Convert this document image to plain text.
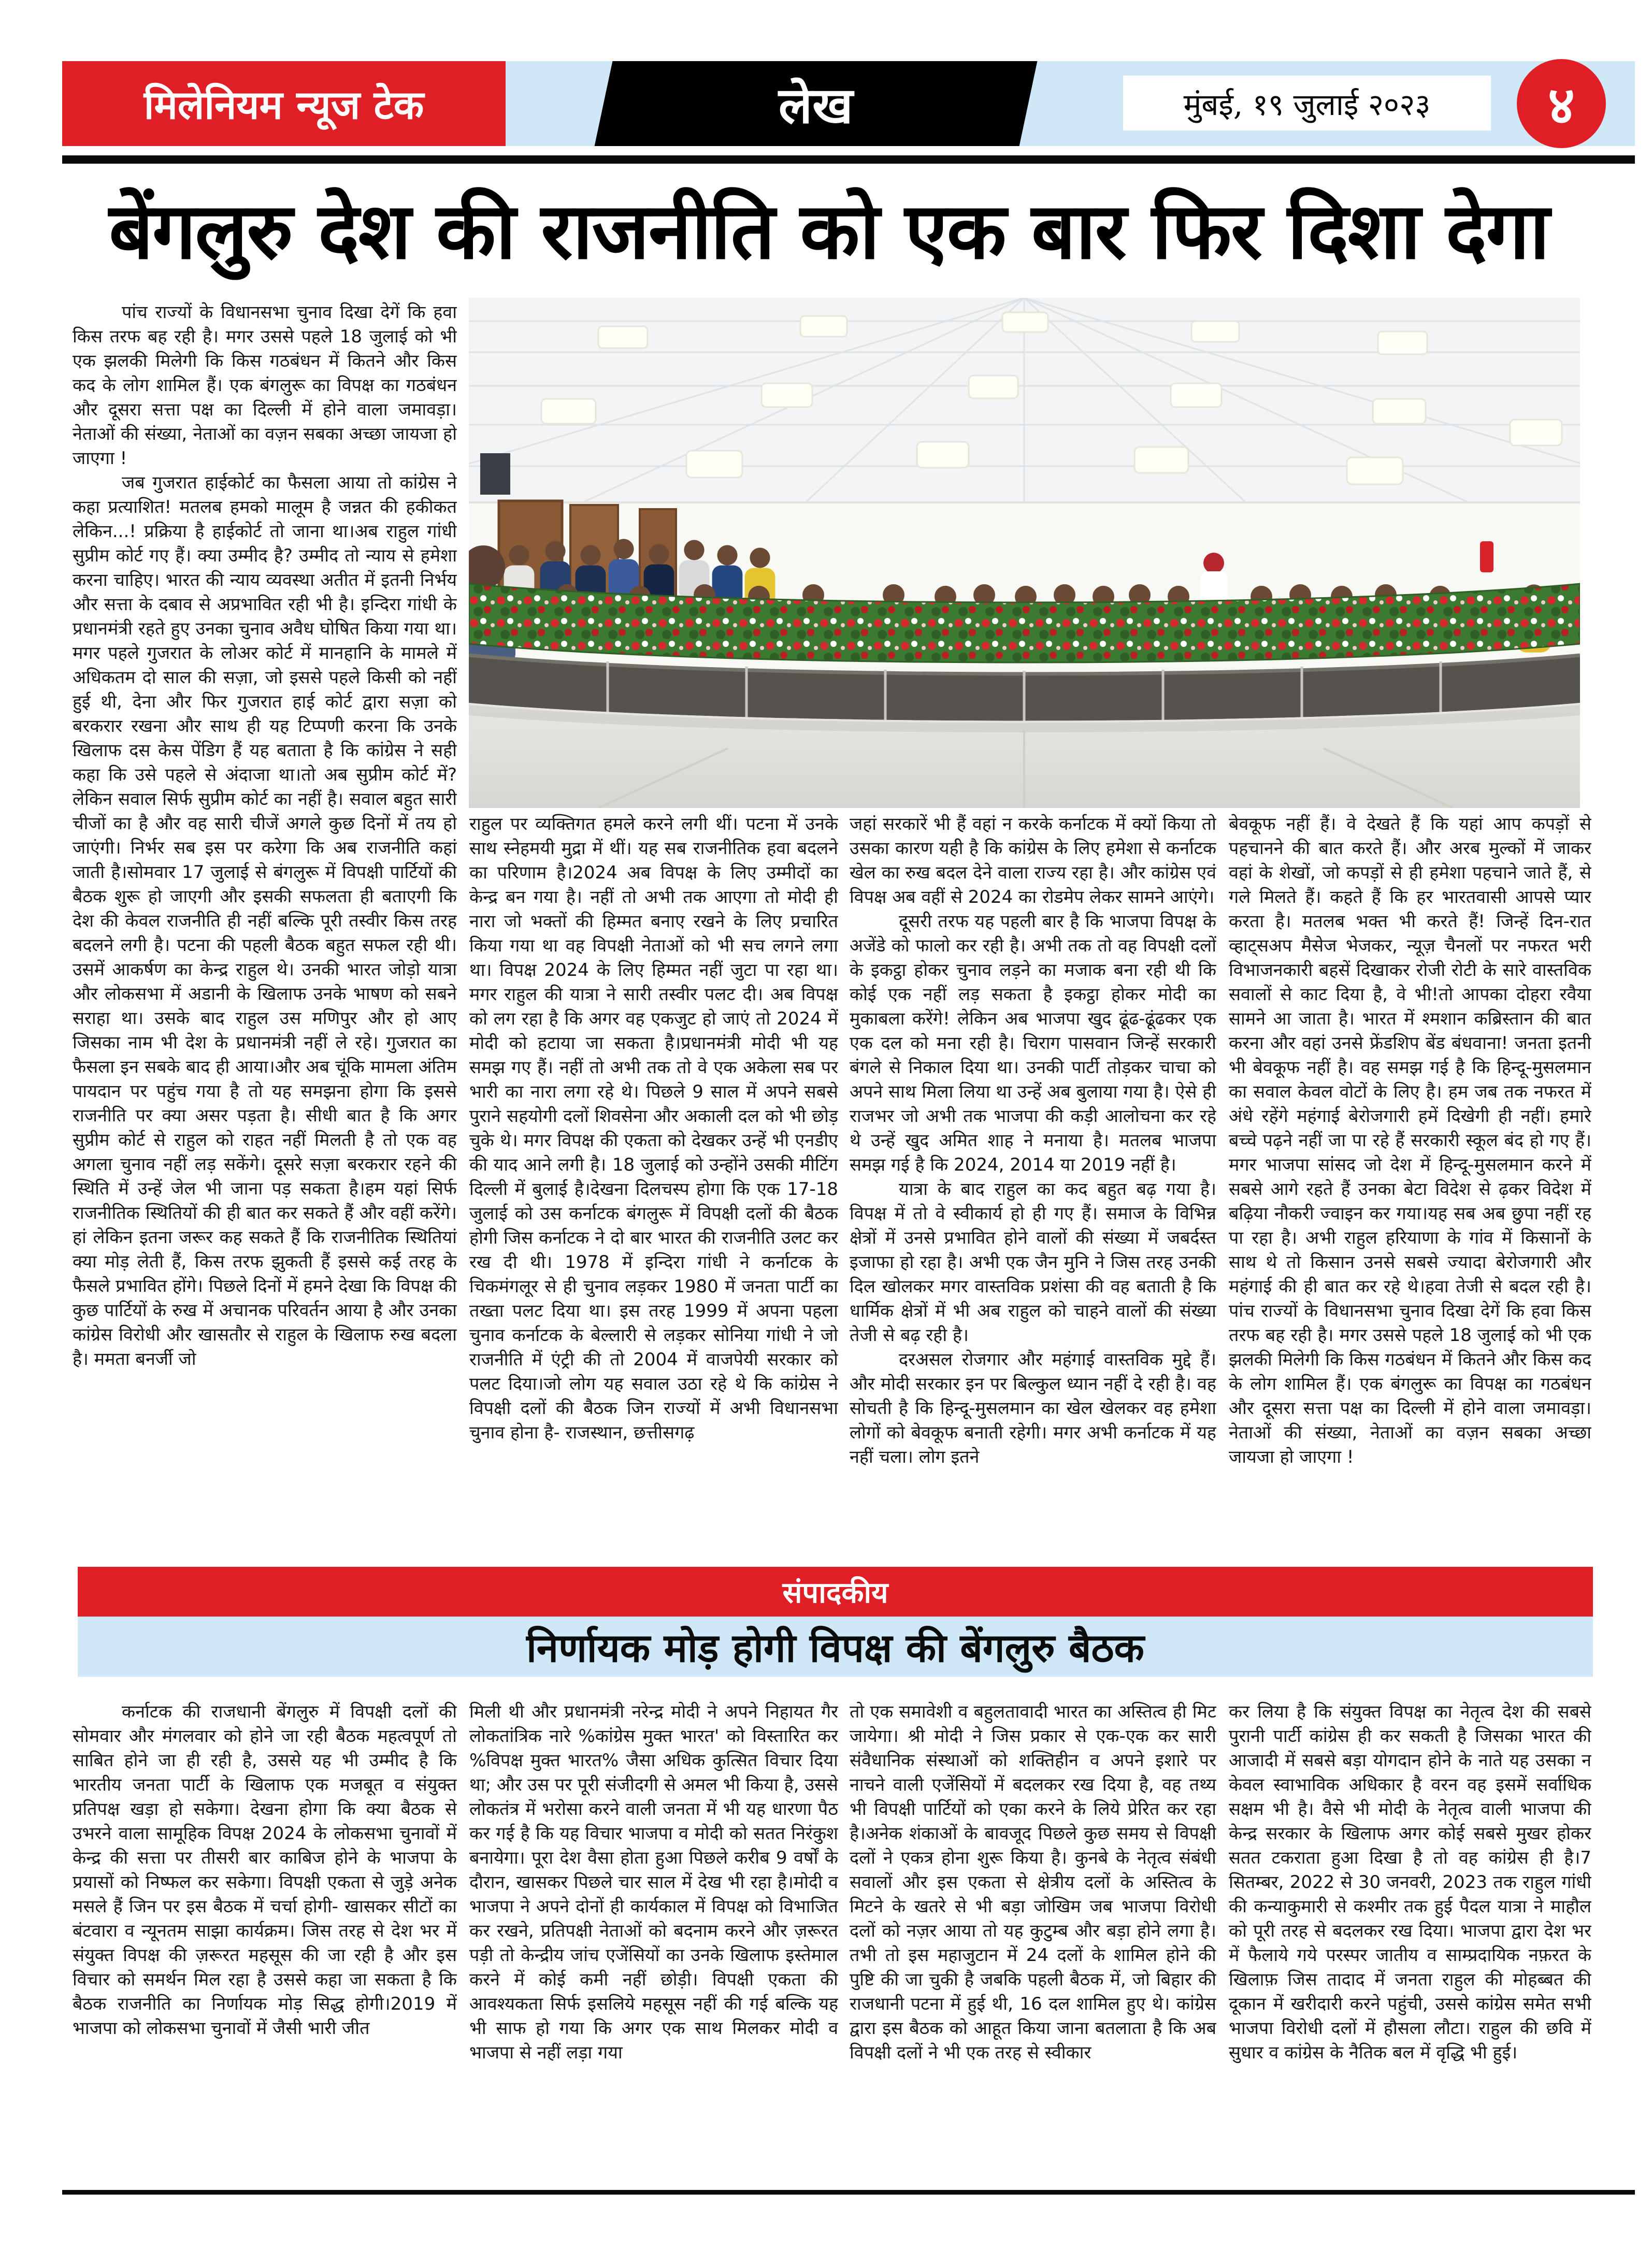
मिलेनियम न्यूज टेक	लेख	मुंबई, १९ जुलाई २०२३ ४
बेंगलुरु देश की राजनीति को एक बार फिर दिशा देगा

पांच राज्यों के विधानसभा चुनाव दिखा देगें कि हवा किस तरफ बह रही है। मगर उससे पहले 18 जुलाई को भी एक झलकी मिलेगी कि किस गठबंधन में कितने और किस कद के लोग शामिल हैं। एक बंगलुरू का विपक्ष का गठबंधन और दूसरा सत्ता पक्ष का दिल्ली में होने वाला जमावड़ा। नेताओं की संख्या, नेताओं का वज़न सबका अच्छा जायजा हो जाएगा !

जब गुजरात हाईकोर्ट का फैसला आया तो कांग्रेस ने कहा प्रत्याशित! मतलब हमको मालूम है जन्नत की हकीकत लेकिन...! प्रक्रिया है हाईकोर्ट तो जाना था।अब राहुल गांधी सुप्रीम कोर्ट गए हैं। क्या उम्मीद है? उम्मीद तो न्याय से हमेशा करना चाहिए। भारत की न्याय व्यवस्था अतीत में इतनी निर्भय और सत्ता के दबाव से अप्रभावित रही भी है। इन्दिरा गांधी के प्रधानमंत्री रहते हुए उनका चुनाव अवैध घोषित किया गया था। मगर पहले गुजरात के लोअर कोर्ट में मानहानि के मामले में अधिकतम दो साल की सज़ा, जो इससे पहले किसी को नहीं हुई थी, देना और फिर गुजरात हाई कोर्ट द्वारा सज़ा को बरकरार रखना और साथ ही यह टिप्पणी करना कि उनके खिलाफ दस केस पेंडिग हैं यह बताता है कि कांग्रेस ने सही कहा कि उसे पहले से अंदाजा था।तो अब सुप्रीम कोर्ट में? लेकिन सवाल सिर्फ सुप्रीम कोर्ट का नहीं है। सवाल बहुत सारी चीजों का है और वह सारी चीजें अगले कुछ दिनों में तय हो जाएंगी। निर्भर सब इस पर करेगा कि अब राजनीति कहां जाती है।सोमवार 17 जुलाई से बंगलुरू में विपक्षी पार्टियों की बैठक शुरू हो जाएगी और इसकी सफलता ही बताएगी कि देश की केवल राजनीति ही नहीं बल्कि पूरी तस्वीर किस तरह बदलने लगी है। पटना की पहली बैठक बहुत सफल रही थी। उसमें आकर्षण का केन्द्र राहुल थे। उनकी भारत जोड़ो यात्रा और लोकसभा में अडानी के खिलाफ उनके भाषण को सबने सराहा था। उसके बाद राहुल उस मणिपुर और हो आए जिसका नाम भी देश के प्रधानमंत्री नहीं ले रहे। गुजरात का फैसला इन सबके बाद ही आया।और अब चूंकि मामला अंतिम पायदान पर पहुंच गया है तो यह समझना होगा कि इससे राजनीति पर क्या असर पड़ता है। सीधी बात है कि अगर सुप्रीम कोर्ट से राहुल को राहत नहीं मिलती है तो एक वह अगला चुनाव नहीं लड़ सकेंगे। दूसरे सज़ा बरकरार रहने की स्थिति में उन्हें जेल भी जाना पड़ सकता है।हम यहां सिर्फ राजनीतिक स्थितियों की ही बात कर सकते हैं और वहीं करेंगे। हां लेकिन इतना जरूर कह सकते हैं कि राजनीतिक स्थितियां क्या मोड़ लेती हैं, किस तरफ झुकती हैं इससे कई तरह के फैसले प्रभावित होंगे। पिछले दिनों में हमने देखा कि विपक्ष की कुछ पार्टियों के रुख में अचानक परिवर्तन आया है और उनका कांग्रेस विरोधी और खासतौर से राहुल के खिलाफ रुख बदला है। ममता बनर्जी जो

राहुल पर व्यक्तिगत हमले करने लगी थीं। पटना में उनके साथ स्नेहमयी मुद्रा में थीं। यह सब राजनीतिक हवा बदलने का परिणाम है।2024 अब विपक्ष के लिए उम्मीदों का केन्द्र बन गया है। नहीं तो अभी तक आएगा तो मोदी ही नारा जो भक्तों की हिम्मत बनाए रखने के लिए प्रचारित किया गया था वह विपक्षी नेताओं को भी सच लगने लगा था। विपक्ष 2024 के लिए हिम्मत नहीं जुटा पा रहा था। मगर राहुल की यात्रा ने सारी तस्वीर पलट दी। अब विपक्ष को लग रहा है कि अगर वह एकजुट हो जाएं तो 2024 में मोदी को हटाया जा सकता है।प्रधानमंत्री मोदी भी यह समझ गए हैं। नहीं तो अभी तक तो वे एक अकेला सब पर भारी का नारा लगा रहे थे। पिछले 9 साल में अपने सबसे पुराने सहयोगी दलों शिवसेना और अकाली दल को भी छोड़ चुके थे। मगर विपक्ष की एकता को देखकर उन्हें भी एनडीए की याद आने लगी है। 18 जुलाई को उन्होंने उसकी मीटिंग दिल्ली में बुलाई है।देखना दिलचस्प होगा कि एक 17-18 जुलाई को उस कर्नाटक बंगलुरू में विपक्षी दलों की बैठक होगी जिस कर्नाटक ने दो बार भारत की राजनीति उलट कर रख दी थी। 1978 में इन्दिरा गांधी ने कर्नाटक के चिकमंगलूर से ही चुनाव लड़कर 1980 में जनता पार्टी का तख्ता पलट दिया था। इस तरह 1999 में अपना पहला चुनाव कर्नाटक के बेल्लारी से लड़कर सोनिया गांधी ने जो राजनीति में एंट्री की तो 2004 में वाजपेयी सरकार को पलट दिया।जो लोग यह सवाल उठा रहे थे कि कांग्रेस ने विपक्षी दलों की बैठक जिन राज्यों में अभी विधानसभा चुनाव होना है- राजस्थान, छत्तीसगढ़

जहां सरकारें भी हैं वहां न करके कर्नाटक में क्यों किया तो उसका कारण यही है कि कांग्रेस के लिए हमेशा से कर्नाटक खेल का रुख बदल देने वाला राज्य रहा है। और कांग्रेस एवं विपक्ष अब वहीं से 2024 का रोडमेप लेकर सामने आएंगे।

दूसरी तरफ यह पहली बार है कि भाजपा विपक्ष के अजेंडे को फालो कर रही है। अभी तक तो वह विपक्षी दलों के इकट्ठा होकर चुनाव लड़ने का मजाक बना रही थी कि कोई एक नहीं लड़ सकता है इकट्ठा होकर मोदी का मुकाबला करेंगे! लेकिन अब भाजपा खुद ढूंढ-ढूंढकर एक एक दल को मना रही है। चिराग पासवान जिन्हें सरकारी बंगले से निकाल दिया था। उनकी पार्टी तोड़कर चाचा को अपने साथ मिला लिया था उन्हें अब बुलाया गया है। ऐसे ही राजभर जो अभी तक भाजपा की कड़ी आलोचना कर रहे थे उन्हें खुद अमित शाह ने मनाया है। मतलब भाजपा समझ गई है कि 2024, 2014 या 2019 नहीं है।

यात्रा के बाद राहुल का कद बहुत बढ़ गया है। विपक्ष में तो वे स्वीकार्य हो ही गए हैं। समाज के विभिन्न क्षेत्रों में उनसे प्रभावित होने वालों की संख्या में जबर्दस्त इजाफा हो रहा है। अभी एक जैन मुनि ने जिस तरह उनकी दिल खोलकर मगर वास्तविक प्रशंसा की वह बताती है कि धार्मिक क्षेत्रों में भी अब राहुल को चाहने वालों की संख्या तेजी से बढ़ रही है।

दरअसल रोजगार और महंगाई वास्तविक मुद्दे हैं। और मोदी सरकार इन पर बिल्कुल ध्यान नहीं दे रही है। वह सोचती है कि हिन्दू-मुसलमान का खेल खेलकर वह हमेशा लोगों को बेवकूफ बनाती रहेगी। मगर अभी कर्नाटक में यह नहीं चला। लोग इतने

बेवकूफ नहीं हैं। वे देखते हैं कि यहां आप कपड़ों से पहचानने की बात करते हैं। और अरब मुल्कों में जाकर वहां के शेखों, जो कपड़ों से ही हमेशा पहचाने जाते हैं, से गले मिलते हैं। कहते हैं कि हर भारतवासी आपसे प्यार करता है। मतलब भक्त भी करते हैं! जिन्हें दिन-रात व्हाट्सअप मैसेज भेजकर, न्यूज़ चैनलों पर नफरत भरी विभाजनकारी बहसें दिखाकर रोजी रोटी के सारे वास्तविक सवालों से काट दिया है, वे भी!तो आपका दोहरा रवैया सामने आ जाता है। भारत में श्मशान कब्रिस्तान की बात करना और वहां उनसे फ्रेंडशिप बेंड बंधवाना! जनता इतनी भी बेवकूफ नहीं है। वह समझ गई है कि हिन्दू-मुसलमान का सवाल केवल वोटों के लिए है। हम जब तक नफरत में अंधे रहेंगे महंगाई बेरोजगारी हमें दिखेगी ही नहीं। हमारे बच्चे पढ़ने नहीं जा पा रहे हैं सरकारी स्कूल बंद हो गए हैं। मगर भाजपा सांसद जो देश में हिन्दू-मुसलमान करने में सबसे आगे रहते हैं उनका बेटा विदेश से ढ़कर विदेश में बढ़िया नौकरी ज्वाइन कर गया।यह सब अब छुपा नहीं रह पा रहा है। अभी राहुल हरियाणा के गांव में किसानों के साथ थे तो किसान उनसे सबसे ज्यादा बेरोजगारी और महंगाई की ही बात कर रहे थे।हवा तेजी से बदल रही है। पांच राज्यों के विधानसभा चुनाव दिखा देगें कि हवा किस तरफ बह रही है। मगर उससे पहले 18 जुलाई को भी एक झलकी मिलेगी कि किस गठबंधन में कितने और किस कद के लोग शामिल हैं। एक बंगलुरू का विपक्ष का गठबंधन और दूसरा सत्ता पक्ष का दिल्ली में होने वाला जमावड़ा। नेताओं की संख्या, नेताओं का वज़न सबका अच्छा जायजा हो जाएगा !

संपादकीय
निर्णायक मोड़ होगी विपक्ष की बेंगलुरु बैठक

कर्नाटक की राजधानी बेंगलुरु में विपक्षी दलों की सोमवार और मंगलवार को होने जा रही बैठक महत्वपूर्ण तो साबित होने जा ही रही है, उससे यह भी उम्मीद है कि भारतीय जनता पार्टी के खिलाफ एक मजबूत व संयुक्त प्रतिपक्ष खड़ा हो सकेगा। देखना होगा कि क्या बैठक से उभरने वाला सामूहिक विपक्ष 2024 के लोकसभा चुनावों में केन्द्र की सत्ता पर तीसरी बार काबिज होने के भाजपा के प्रयासों को निष्फल कर सकेगा। विपक्षी एकता से जुड़े अनेक मसले हैं जिन पर इस बैठक में चर्चा होगी- खासकर सीटों का बंटवारा व न्यूनतम साझा कार्यक्रम। जिस तरह से देश भर में संयुक्त विपक्ष की ज़रूरत महसूस की जा रही है और इस विचार को समर्थन मिल रहा है उससे कहा जा सकता है कि बैठक राजनीति का निर्णायक मोड़ सिद्ध होगी।2019 में भाजपा को लोकसभा चुनावों में जैसी भारी जीत

मिली थी और प्रधानमंत्री नरेन्द्र मोदी ने अपने निहायत गैर लोकतांत्रिक नारे %कांग्रेस मुक्त भारत' को विस्तारित कर %विपक्ष मुक्त भारत% जैसा अधिक कुत्सित विचार दिया था; और उस पर पूरी संजीदगी से अमल भी किया है, उससे लोकतंत्र में भरोसा करने वाली जनता में भी यह धारणा पैठ कर गई है कि यह विचार भाजपा व मोदी को सतत निरंकुश बनायेगा। पूरा देश वैसा होता हुआ पिछले करीब 9 वर्षों के दौरान, खासकर पिछले चार साल में देख भी रहा है।मोदी व भाजपा ने अपने दोनों ही कार्यकाल में विपक्ष को विभाजित कर रखने, प्रतिपक्षी नेताओं को बदनाम करने और ज़रूरत पड़ी तो केन्द्रीय जांच एजेंसियों का उनके खिलाफ इस्तेमाल करने में कोई कमी नहीं छोड़ी। विपक्षी एकता की आवश्यकता सिर्फ इसलिये महसूस नहीं की गई बल्कि यह भी साफ हो गया कि अगर एक साथ मिलकर मोदी व भाजपा से नहीं लड़ा गया

तो एक समावेशी व बहुलतावादी भारत का अस्तित्व ही मिट जायेगा। श्री मोदी ने जिस प्रकार से एक-एक कर सारी संवैधानिक संस्थाओं को शक्तिहीन व अपने इशारे पर नाचने वाली एजेंसियों में बदलकर रख दिया है, वह तथ्य भी विपक्षी पार्टियों को एका करने के लिये प्रेरित कर रहा है।अनेक शंकाओं के बावजूद पिछले कुछ समय से विपक्षी दलों ने एकत्र होना शुरू किया है। कुनबे के नेतृत्व संबंधी सवालों और इस एकता से क्षेत्रीय दलों के अस्तित्व के मिटने के खतरे से भी बड़ा जोखिम जब भाजपा विरोधी दलों को नज़र आया तो यह कुटुम्ब और बड़ा होने लगा है। तभी तो इस महाजुटान में 24 दलों के शामिल होने की पुष्टि की जा चुकी है जबकि पहली बैठक में, जो बिहार की राजधानी पटना में हुई थी, 16 दल शामिल हुए थे। कांग्रेस द्वारा इस बैठक को आहूत किया जाना बतलाता है कि अब विपक्षी दलों ने भी एक तरह से स्वीकार

कर लिया है कि संयुक्त विपक्ष का नेतृत्व देश की सबसे पुरानी पार्टी कांग्रेस ही कर सकती है जिसका भारत की आजादी में सबसे बड़ा योगदान होने के नाते यह उसका न केवल स्वाभाविक अधिकार है वरन वह इसमें सर्वाधिक सक्षम भी है। वैसे भी मोदी के नेतृत्व वाली भाजपा की केन्द्र सरकार के खिलाफ अगर कोई सबसे मुखर होकर सतत टकराता हुआ दिखा है तो वह कांग्रेस ही है।7 सितम्बर, 2022 से 30 जनवरी, 2023 तक राहुल गांधी की कन्याकुमारी से कश्मीर तक हुई पैदल यात्रा ने माहौल को पूरी तरह से बदलकर रख दिया। भाजपा द्वारा देश भर में फैलाये गये परस्पर जातीय व साम्प्रदायिक नफ़रत के खिलाफ़ जिस तादाद में जनता राहुल की मोहब्बत की दूकान में खरीदारी करने पहुंची, उससे कांग्रेस समेत सभी भाजपा विरोधी दलों में हौसला लौटा। राहुल की छवि में सुधार व कांग्रेस के नैतिक बल में वृद्धि भी हुई।
